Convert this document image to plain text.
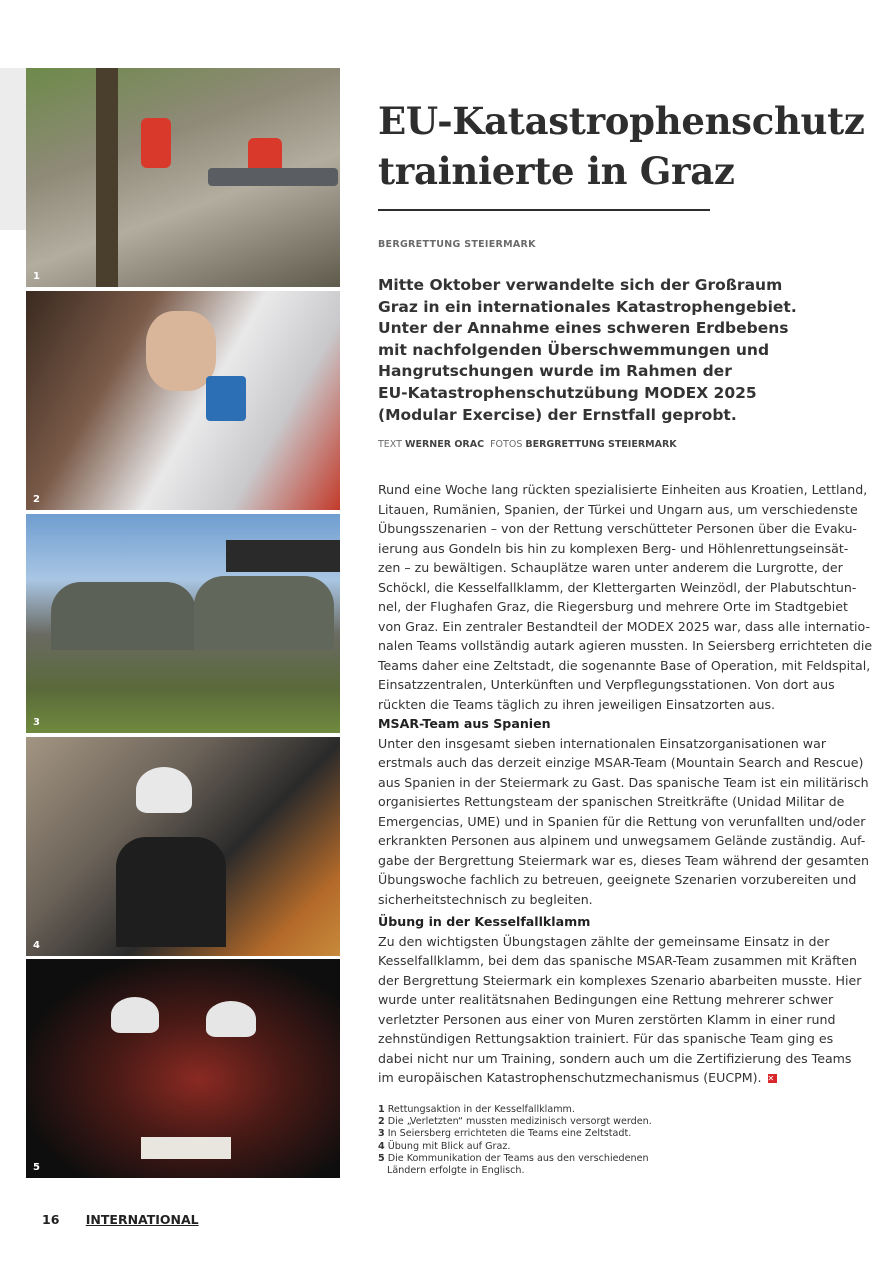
1
2
3
4
5
EU-Katastrophenschutz
trainierte in Graz
BERGRETTUNG STEIERMARK
Mitte Oktober verwandelte sich der Großraum
Graz in ein internationales Katastrophengebiet.
Unter der Annahme eines schweren Erdbebens
mit nachfolgenden Überschwemmungen und
Hangrutschungen wurde im Rahmen der
EU-Katastrophenschutzübung MODEX 2025
(Modular Exercise) der Ernstfall geprobt.
TEXT WERNER ORAC FOTOS BERGRETTUNG STEIERMARK
Rund eine Woche lang rückten spezialisierte Einheiten aus Kroatien, Lettland,
Litauen, Rumänien, Spanien, der Türkei und Ungarn aus, um verschiedenste
Übungsszenarien – von der Rettung verschütteter Personen über die Evaku-
ierung aus Gondeln bis hin zu komplexen Berg- und Höhlenrettungseinsät-
zen – zu bewältigen. Schauplätze waren unter anderem die Lurgrotte, der
Schöckl, die Kesselfallklamm, der Klettergarten Weinzödl, der Plabutschtun-
nel, der Flughafen Graz, die Riegersburg und mehrere Orte im Stadtgebiet
von Graz. Ein zentraler Bestandteil der MODEX 2025 war, dass alle internatio-
nalen Teams vollständig autark agieren mussten. In Seiersberg errichteten die
Teams daher eine Zeltstadt, die sogenannte Base of Operation, mit Feldspital,
Einsatzzentralen, Unterkünften und Verpflegungsstationen. Von dort aus
rückten die Teams täglich zu ihren jeweiligen Einsatzorten aus.
MSAR-Team aus Spanien
Unter den insgesamt sieben internationalen Einsatzorganisationen war
erstmals auch das derzeit einzige MSAR-Team (Mountain Search and Rescue)
aus Spanien in der Steiermark zu Gast. Das spanische Team ist ein militärisch
organisiertes Rettungsteam der spanischen Streitkräfte (Unidad Militar de
Emergencias, UME) und in Spanien für die Rettung von verunfallten und/oder
erkrankten Personen aus alpinem und unwegsamem Gelände zuständig. Auf-
gabe der Bergrettung Steiermark war es, dieses Team während der gesamten
Übungswoche fachlich zu betreuen, geeignete Szenarien vorzubereiten und
sicherheitstechnisch zu begleiten.
Übung in der Kesselfallklamm
Zu den wichtigsten Übungstagen zählte der gemeinsame Einsatz in der
Kesselfallklamm, bei dem das spanische MSAR-Team zusammen mit Kräften
der Bergrettung Steiermark ein komplexes Szenario abarbeiten musste. Hier
wurde unter realitätsnahen Bedingungen eine Rettung mehrerer schwer
verletzter Personen aus einer von Muren zerstörten Klamm in einer rund
zehnstündigen Rettungsaktion trainiert. Für das spanische Team ging es
dabei nicht nur um Training, sondern auch um die Zertifizierung des Teams
im europäischen Katastrophenschutzmechanismus (EUCPM). ✕
1 Rettungsaktion in der Kesselfallklamm.
2 Die „Verletzten“ mussten medizinisch versorgt werden.
3 In Seiersberg errichteten die Teams eine Zeltstadt.
4 Übung mit Blick auf Graz.
5 Die Kommunikation der Teams aus den verschiedenen
Ländern erfolgte in Englisch.
16 INTERNATIONAL
